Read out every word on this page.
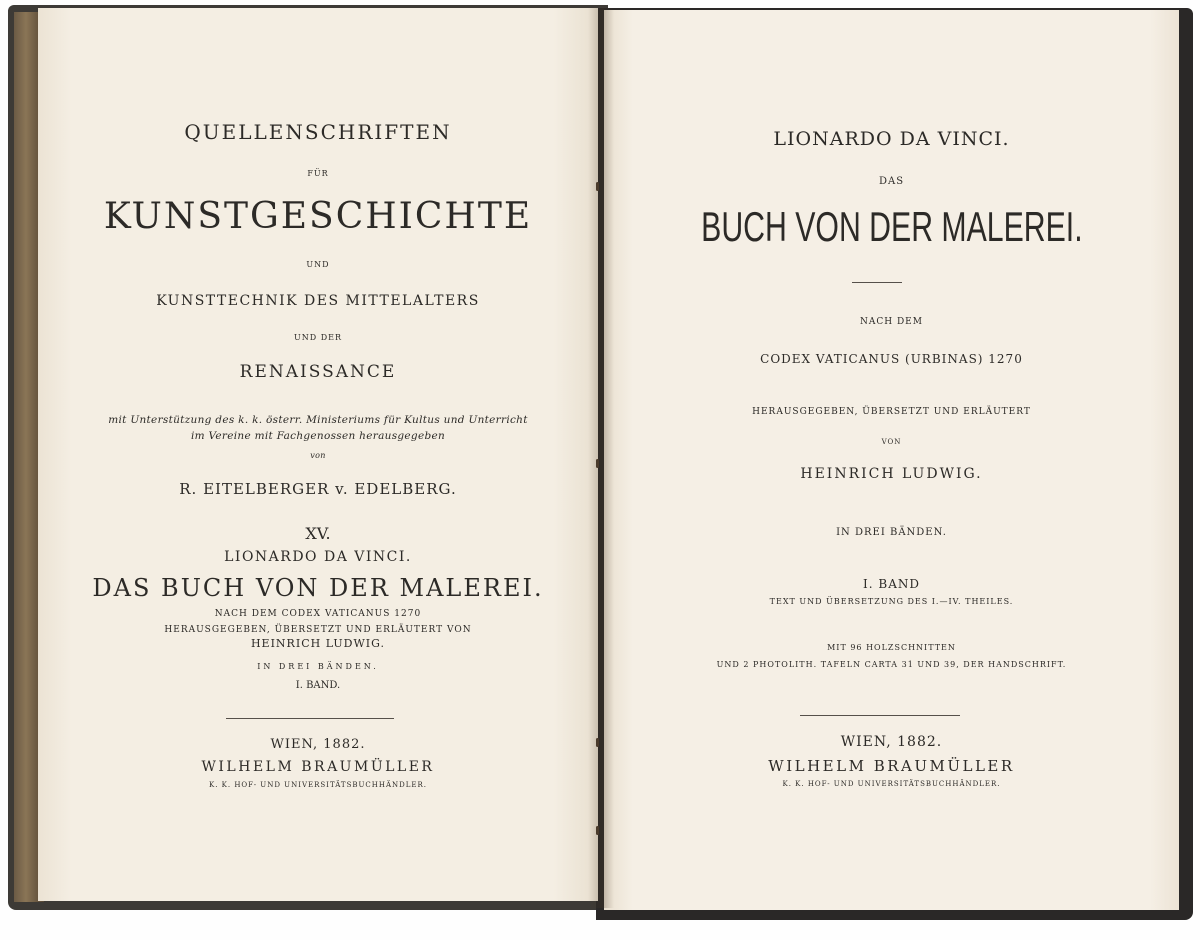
QUELLENSCHRIFTEN
FÜR
KUNSTGESCHICHTE
UND
KUNSTTECHNIK DES MITTELALTERS
UND DER
RENAISSANCE
mit Unterstützung des k. k. österr. Ministeriums für Kultus und Unterricht
im Vereine mit Fachgenossen herausgegeben
von
R. EITELBERGER v. EDELBERG.
XV.
LIONARDO DA VINCI.
DAS BUCH VON DER MALEREI.
NACH DEM CODEX VATICANUS 1270
HERAUSGEGEBEN, ÜBERSETZT UND ERLÄUTERT VON
HEINRICH LUDWIG.
IN DREI BÄNDEN.
I. BAND.
WIEN, 1882.
WILHELM BRAUMÜLLER
K. K. HOF- UND UNIVERSITÄTSBUCHHÄNDLER.
LIONARDO DA VINCI.
DAS
BUCH VON DER MALEREI.
NACH DEM
CODEX VATICANUS (URBINAS) 1270
HERAUSGEGEBEN, ÜBERSETZT UND ERLÄUTERT
VON
HEINRICH LUDWIG.
IN DREI BÄNDEN.
I. BAND
TEXT UND ÜBERSETZUNG DES I.—IV. THEILES.
MIT 96 HOLZSCHNITTEN
UND 2 PHOTOLITH. TAFELN CARTA 31 UND 39, DER HANDSCHRIFT.
WIEN, 1882.
WILHELM BRAUMÜLLER
K. K. HOF- UND UNIVERSITÄTSBUCHHÄNDLER.
